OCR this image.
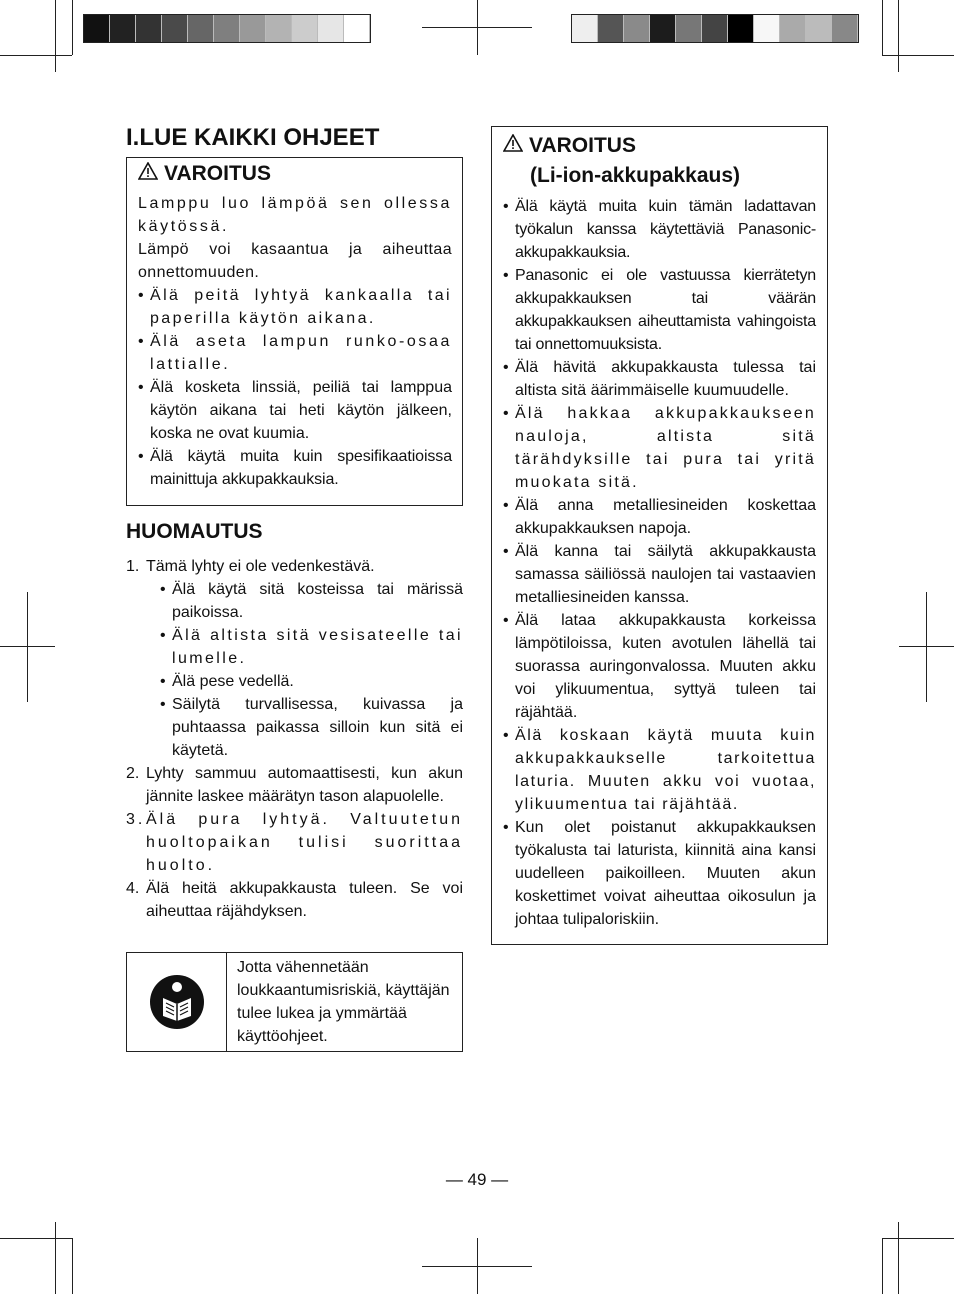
I.LUE KAIKKI OHJEET
VAROITUS

Lamppu luo lämpöä sen ollessa käytössä.

Lämpö voi kasaantua ja aiheuttaa onnettomuuden.

• Älä peitä lyhtyä kankaalla tai paperilla käytön aikana.
• Älä aseta lampun runko-osaa lattialle.
• Älä kosketa linssiä, peiliä tai lamppua käytön aikana tai heti käytön jälkeen, koska ne ovat kuumia.
• Älä käytä muita kuin spesifikaatioissa mainittuja akkupakkauksia.
HUOMAUTUS
1. Tämä lyhty ei ole vedenkestävä.
• Älä käytä sitä kosteissa tai märissä paikoissa.
• Älä altista sitä vesisateelle tai lumelle.
• Älä pese vedellä.
• Säilytä turvallisessa, kuivassa ja puhtaassa paikassa silloin kun sitä ei käytetä.
2. Lyhty sammuu automaattisesti, kun akun jännite laskee määrätyn tason alapuolelle.
3. Älä pura lyhtyä. Valtuutetun huoltopaikan tulisi suorittaa huolto.
4. Älä heitä akkupakkausta tuleen. Se voi aiheuttaa räjähdyksen.
Jotta vähennetään loukkaantumisriskiä, käyttäjän tulee lukea ja ymmärtää käyttöohjeet.
VAROITUS
(Li-ion-akkupakkaus)
• Älä käytä muita kuin tämän ladattavan työkalun kanssa käytettäviä Panasonic-akkupakkauksia.
• Panasonic ei ole vastuussa kierrätetyn akkupakkauksen tai väärän akkupakkauksen aiheuttamista vahingoista tai onnettomuuksista.
• Älä hävitä akkupakkausta tulessa tai altista sitä äärimmäiselle kuumuudelle.
• Älä hakkaa akkupakkaukseen nauloja, altista sitä tärähdyksille tai pura tai yritä muokata sitä.
• Älä anna metalliesineiden koskettaa akkupakkauksen napoja.
• Älä kanna tai säilytä akkupakkausta samassa säiliössä naulojen tai vastaavien metalliesineiden kanssa.
• Älä lataa akkupakkausta korkeissa lämpötiloissa, kuten avotulen lähellä tai suorassa auringonvalossa. Muuten akku voi ylikuumentua, syttyä tuleen tai räjähtää.
• Älä koskaan käytä muuta kuin akkupakkaukselle tarkoitettua laturia. Muuten akku voi vuotaa, ylikuumentua tai räjähtää.
• Kun olet poistanut akkupakkauksen työkalusta tai laturista, kiinnitä aina kansi uudelleen paikoilleen. Muuten akun koskettimet voivat aiheuttaa oikosulun ja johtaa tulipaloriskiin.
— 49 —
